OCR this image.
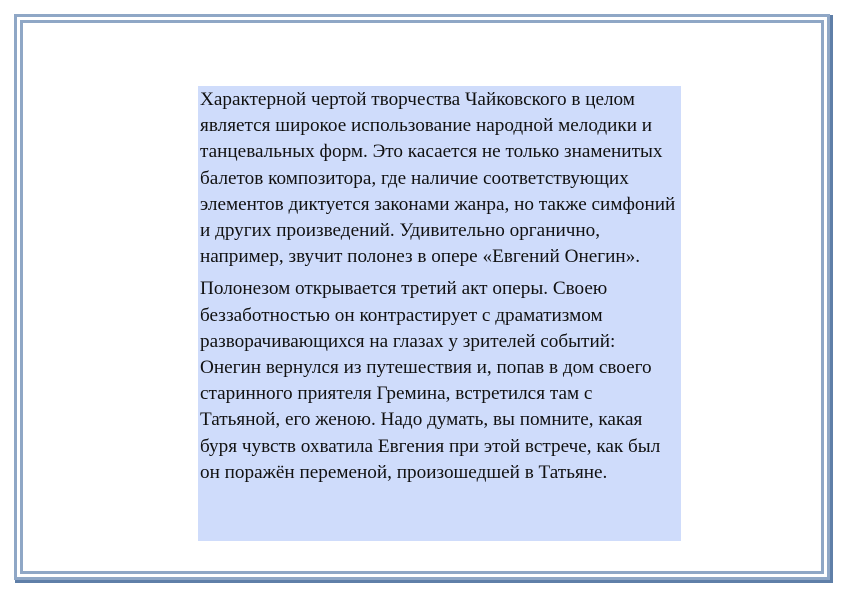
Характерной чертой творчества Чайковского в целом является широкое использование народной мелодики и танцевальных форм. Это касается не только знаменитых балетов композитора, где наличие соответствующих элементов диктуется законами жанра, но также симфоний и других произведений. Удивительно органично, например, звучит полонез в опере «Евгений Онегин».

Полонезом открывается третий акт оперы. Своею беззаботностью он контрастирует с драматизмом разворачивающихся на глазах у зрителей событий: Онегин вернулся из путешествия и, попав в дом своего старинного приятеля Гремина, встретился там с Татьяной, его женою. Надо думать, вы помните, какая буря чувств охватила Евгения при этой встрече, как был он поражён переменой, произошедшей в Татьяне.
